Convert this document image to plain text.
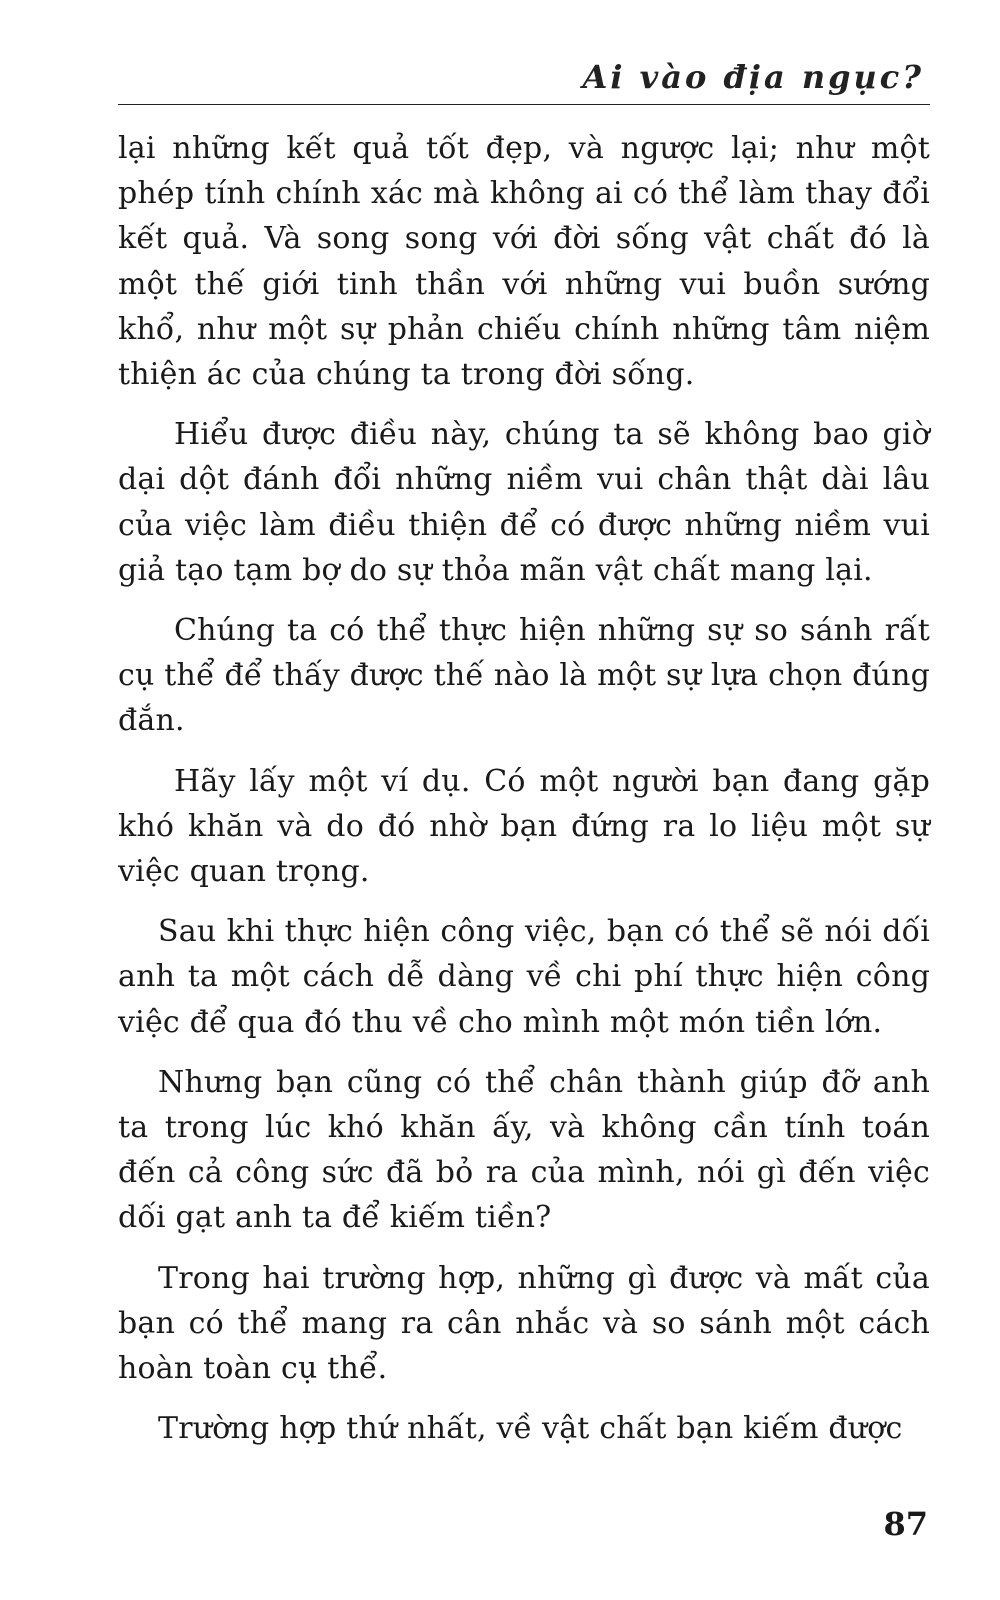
Ai vào địa ngục?

lại những kết quả tốt đẹp, và ngược lại; như một phép tính chính xác mà không ai có thể làm thay đổi kết quả. Và song song với đời sống vật chất đó là một thế giới tinh thần với những vui buồn sướng khổ, như một sự phản chiếu chính những tâm niệm thiện ác của chúng ta trong đời sống.

Hiểu được điều này, chúng ta sẽ không bao giờ dại dột đánh đổi những niềm vui chân thật dài lâu của việc làm điều thiện để có được những niềm vui giả tạo tạm bợ do sự thỏa mãn vật chất mang lại.

Chúng ta có thể thực hiện những sự so sánh rất cụ thể để thấy được thế nào là một sự lựa chọn đúng đắn.

Hãy lấy một ví dụ. Có một người bạn đang gặp khó khăn và do đó nhờ bạn đứng ra lo liệu một sự việc quan trọng.

Sau khi thực hiện công việc, bạn có thể sẽ nói dối anh ta một cách dễ dàng về chi phí thực hiện công việc để qua đó thu về cho mình một món tiền lớn.

Nhưng bạn cũng có thể chân thành giúp đỡ anh ta trong lúc khó khăn ấy, và không cần tính toán đến cả công sức đã bỏ ra của mình, nói gì đến việc dối gạt anh ta để kiếm tiền?

Trong hai trường hợp, những gì được và mất của bạn có thể mang ra cân nhắc và so sánh một cách hoàn toàn cụ thể.

Trường hợp thứ nhất, về vật chất bạn kiếm được

87
